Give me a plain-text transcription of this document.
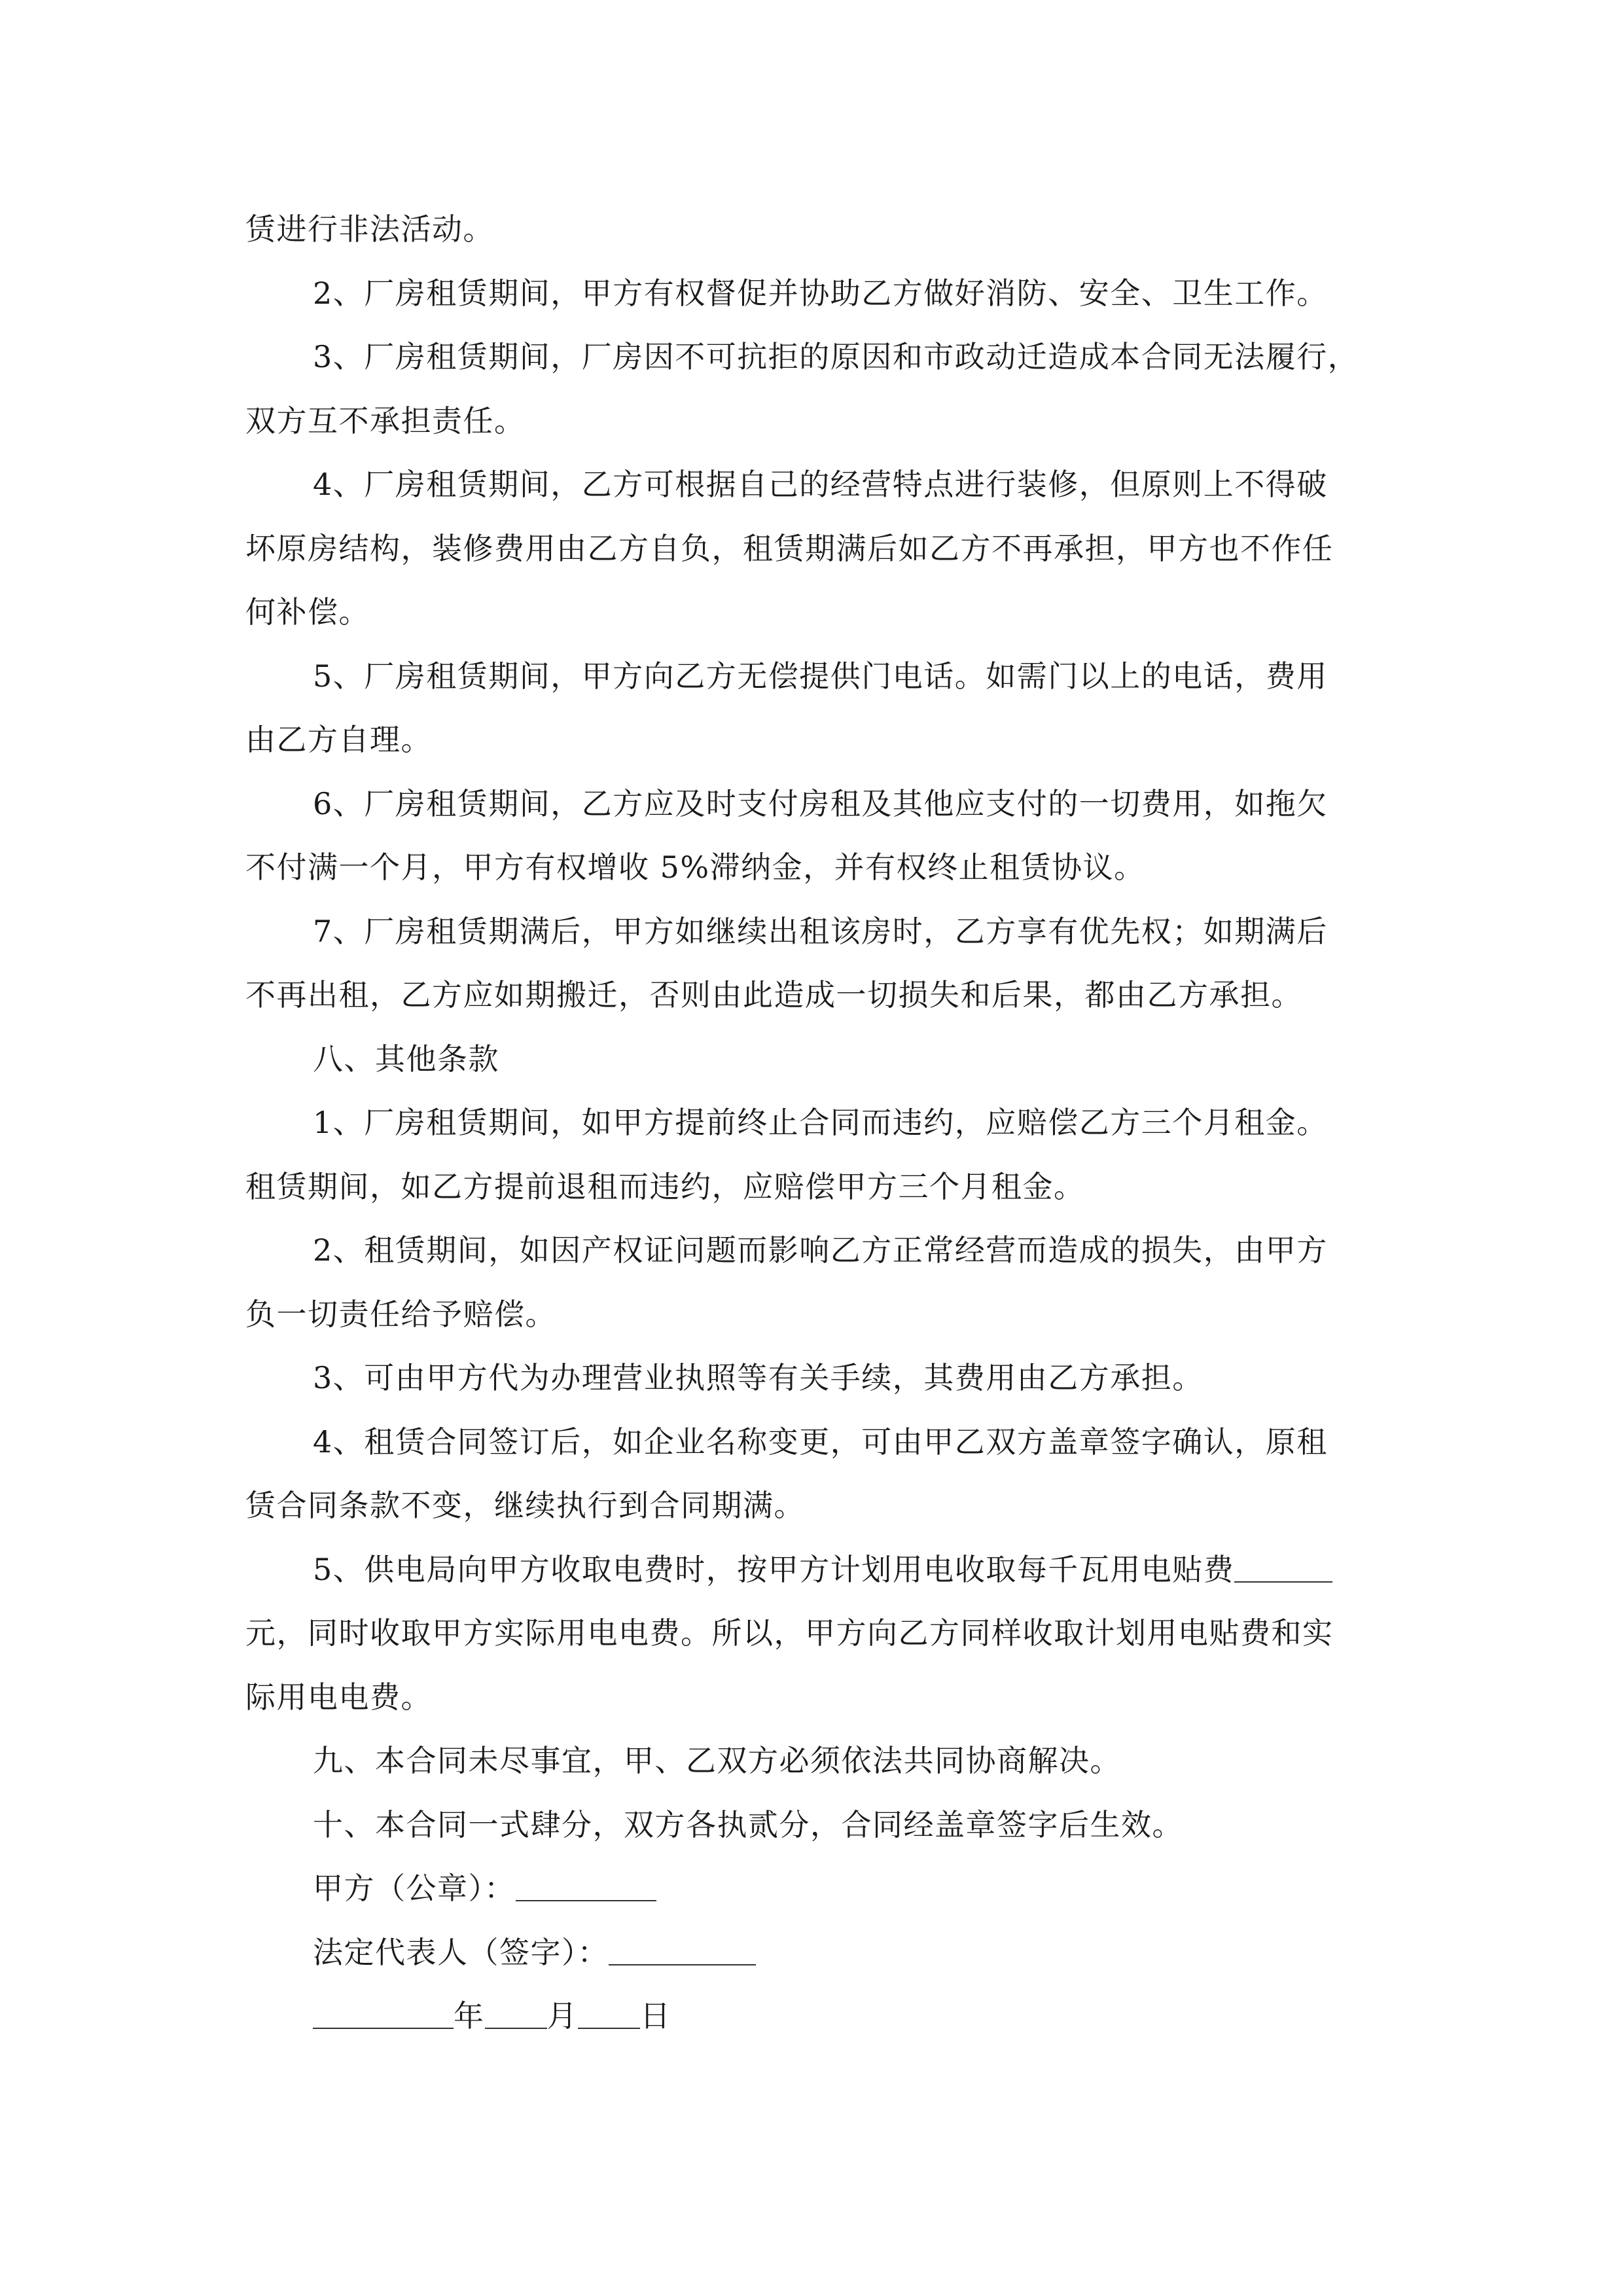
赁进行非法活动。
2、厂房租赁期间，甲方有权督促并协助乙方做好消防、安全、卫生工作。
3、厂房租赁期间，厂房因不可抗拒的原因和市政动迁造成本合同无法履行，
双方互不承担责任。
4、厂房租赁期间，乙方可根据自己的经营特点进行装修，但原则上不得破
坏原房结构，装修费用由乙方自负，租赁期满后如乙方不再承担，甲方也不作任
何补偿。
5、厂房租赁期间，甲方向乙方无偿提供门电话。如需门以上的电话，费用
由乙方自理。
6、厂房租赁期间，乙方应及时支付房租及其他应支付的一切费用，如拖欠
不付满一个月，甲方有权增收 5%滞纳金，并有权终止租赁协议。
7、厂房租赁期满后，甲方如继续出租该房时，乙方享有优先权；如期满后
不再出租，乙方应如期搬迁，否则由此造成一切损失和后果，都由乙方承担。
八、其他条款
1、厂房租赁期间，如甲方提前终止合同而违约，应赔偿乙方三个月租金。
租赁期间，如乙方提前退租而违约，应赔偿甲方三个月租金。
2、租赁期间，如因产权证问题而影响乙方正常经营而造成的损失，由甲方
负一切责任给予赔偿。
3、可由甲方代为办理营业执照等有关手续，其费用由乙方承担。
4、租赁合同签订后，如企业名称变更，可由甲乙双方盖章签字确认，原租
赁合同条款不变，继续执行到合同期满。
5、供电局向甲方收取电费时，按甲方计划用电收取每千瓦用电贴费
元，同时收取甲方实际用电电费。所以，甲方向乙方同样收取计划用电贴费和实
际用电电费。
九、本合同未尽事宜，甲、乙双方必须依法共同协商解决。
十、本合同一式肆分，双方各执贰分，合同经盖章签字后生效。
甲方（公章）：
法定代表人（签字）：
年 月 日
